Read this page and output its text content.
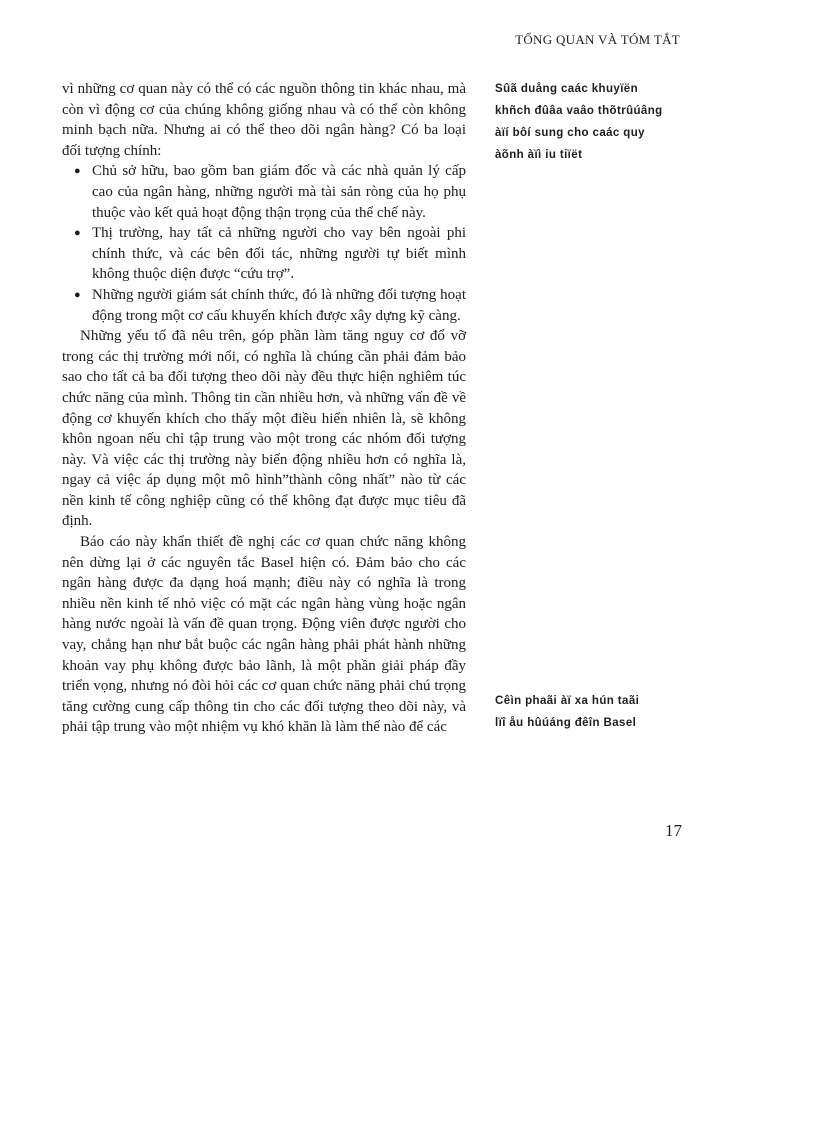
TỔNG QUAN VÀ TÓM TẮT

vì những cơ quan này có thể có các nguồn thông tin khác nhau, mà còn vì động cơ của chúng không giống nhau và có thể còn không minh bạch nữa. Nhưng ai có thể theo dõi ngân hàng? Có ba loại đối tượng chính:

● Chủ sở hữu, bao gồm ban giám đốc và các nhà quản lý cấp cao của ngân hàng, những người mà tài sản ròng của họ phụ thuộc vào kết quả hoạt động thận trọng của thể chế này.
● Thị trường, hay tất cả những người cho vay bên ngoài phi chính thức, và các bên đối tác, những người tự biết mình không thuộc diện được “cứu trợ”.
● Những người giám sát chính thức, đó là những đối tượng hoạt động trong một cơ cấu khuyến khích được xây dựng kỹ càng.

Những yếu tố đã nêu trên, góp phần làm tăng nguy cơ đổ vỡ trong các thị trường mới nổi, có nghĩa là chúng cần phải đảm bảo sao cho tất cả ba đối tượng theo dõi này đều thực hiện nghiêm túc chức năng của mình. Thông tin cần nhiều hơn, và những vấn đề về động cơ khuyến khích cho thấy một điều hiển nhiên là, sẽ không khôn ngoan nếu chỉ tập trung vào một trong các nhóm đối tượng này. Và việc các thị trường này biến động nhiều hơn có nghĩa là, ngay cả việc áp dụng một mô hình”thành công nhất” nào từ các nền kinh tế công nghiệp cũng có thể không đạt được mục tiêu đã định.

Báo cáo này khẩn thiết đề nghị các cơ quan chức năng không nên dừng lại ở các nguyên tắc Basel hiện có. Đảm bảo cho các ngân hàng được đa dạng hoá mạnh; điều này có nghĩa là trong nhiều nền kinh tế nhỏ việc có mặt các ngân hàng vùng hoặc ngân hàng nước ngoài là vấn đề quan trọng. Động viên được người cho vay, chẳng hạn như bắt buộc các ngân hàng phải phát hành những khoản vay phụ không được bảo lãnh, là một phần giải pháp đầy triển vọng, nhưng nó đòi hỏi các cơ quan chức năng phải chú trọng tăng cường cung cấp thông tin cho các đối tượng theo dõi này, và phải tập trung vào một nhiệm vụ khó khăn là làm thế nào để các

Sûã duång caác khuyïën
khñch đûâa vaâo thõtrûúâng
àïí bôí sung cho caác quy
àõnh àïì iu tiïët
Cêìn phaãi àï xa hún taãi
lïî åu hûúáng đêîn Basel
17
